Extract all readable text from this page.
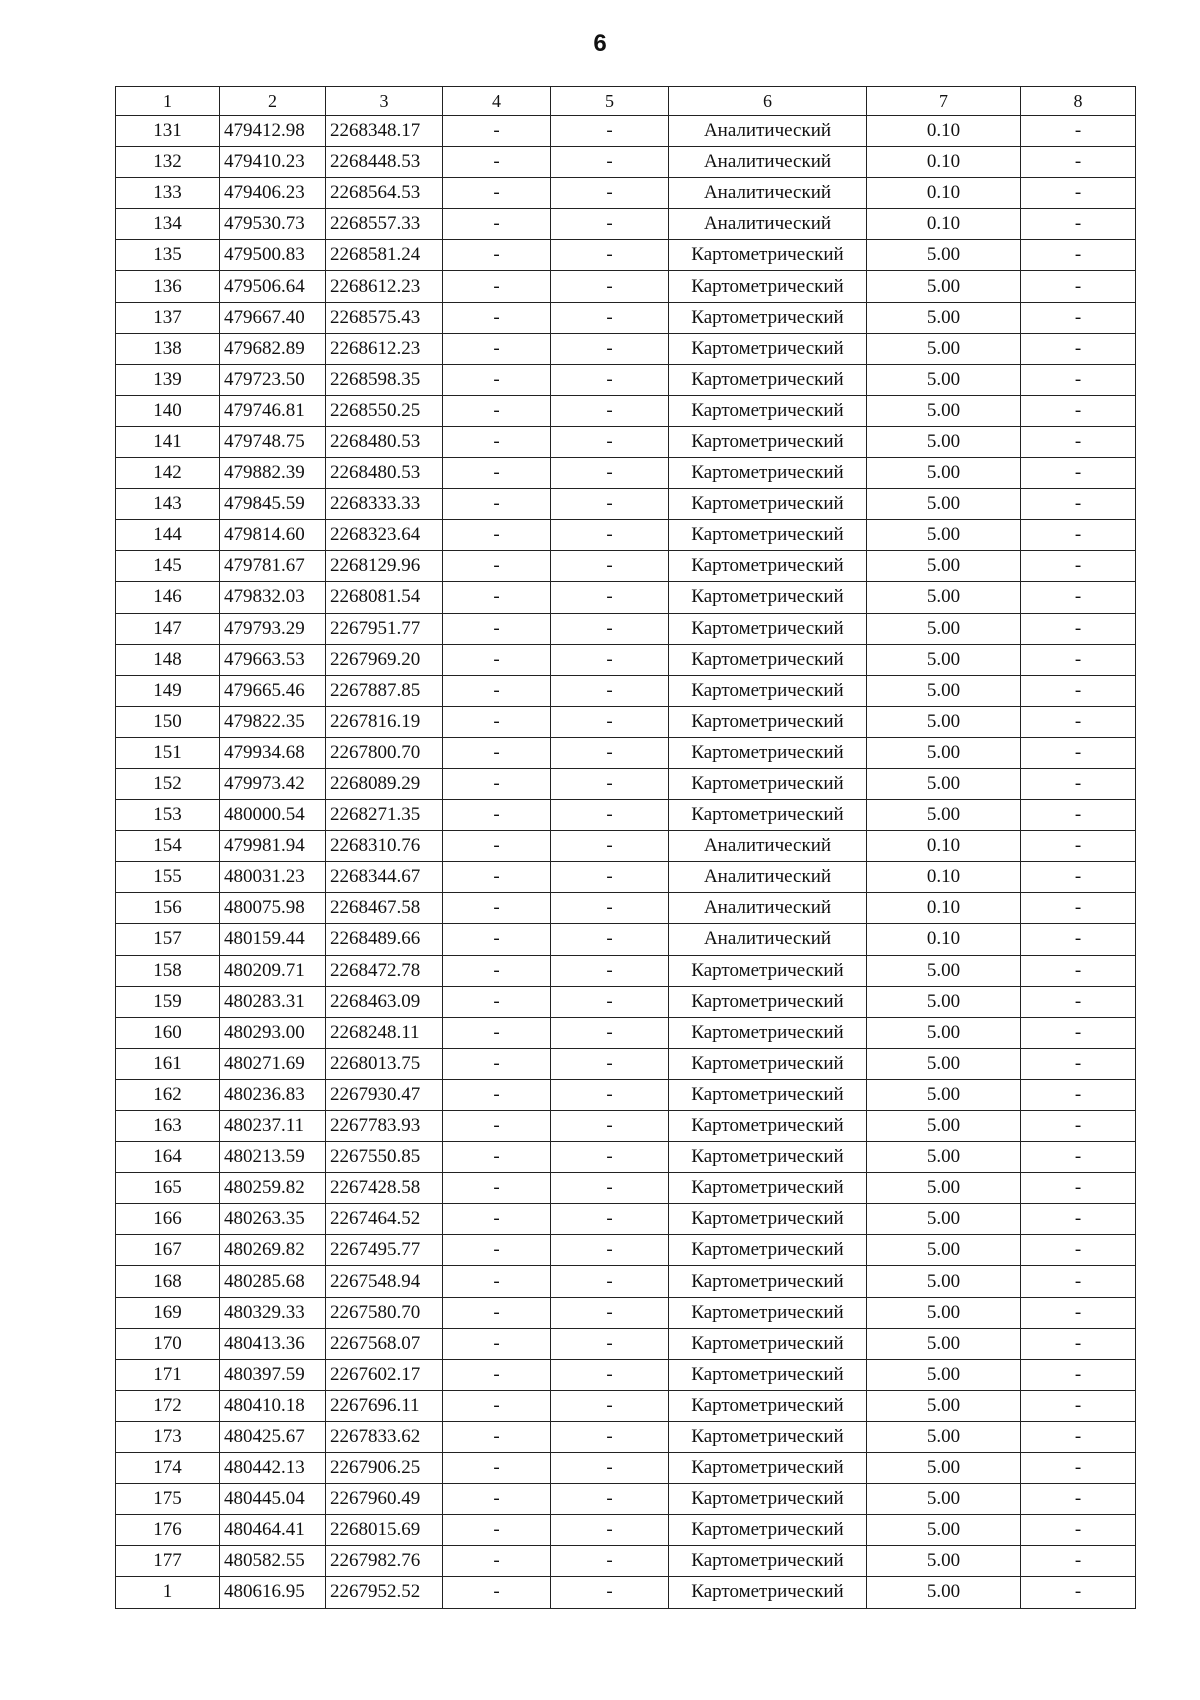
6
1	2	3	4	5	6	7	8
131	479412.98	2268348.17	-	-	Аналитический	0.10	-
132	479410.23	2268448.53	-	-	Аналитический	0.10	-
133	479406.23	2268564.53	-	-	Аналитический	0.10	-
134	479530.73	2268557.33	-	-	Аналитический	0.10	-
135	479500.83	2268581.24	-	-	Картометрический	5.00	-
136	479506.64	2268612.23	-	-	Картометрический	5.00	-
137	479667.40	2268575.43	-	-	Картометрический	5.00	-
138	479682.89	2268612.23	-	-	Картометрический	5.00	-
139	479723.50	2268598.35	-	-	Картометрический	5.00	-
140	479746.81	2268550.25	-	-	Картометрический	5.00	-
141	479748.75	2268480.53	-	-	Картометрический	5.00	-
142	479882.39	2268480.53	-	-	Картометрический	5.00	-
143	479845.59	2268333.33	-	-	Картометрический	5.00	-
144	479814.60	2268323.64	-	-	Картометрический	5.00	-
145	479781.67	2268129.96	-	-	Картометрический	5.00	-
146	479832.03	2268081.54	-	-	Картометрический	5.00	-
147	479793.29	2267951.77	-	-	Картометрический	5.00	-
148	479663.53	2267969.20	-	-	Картометрический	5.00	-
149	479665.46	2267887.85	-	-	Картометрический	5.00	-
150	479822.35	2267816.19	-	-	Картометрический	5.00	-
151	479934.68	2267800.70	-	-	Картометрический	5.00	-
152	479973.42	2268089.29	-	-	Картометрический	5.00	-
153	480000.54	2268271.35	-	-	Картометрический	5.00	-
154	479981.94	2268310.76	-	-	Аналитический	0.10	-
155	480031.23	2268344.67	-	-	Аналитический	0.10	-
156	480075.98	2268467.58	-	-	Аналитический	0.10	-
157	480159.44	2268489.66	-	-	Аналитический	0.10	-
158	480209.71	2268472.78	-	-	Картометрический	5.00	-
159	480283.31	2268463.09	-	-	Картометрический	5.00	-
160	480293.00	2268248.11	-	-	Картометрический	5.00	-
161	480271.69	2268013.75	-	-	Картометрический	5.00	-
162	480236.83	2267930.47	-	-	Картометрический	5.00	-
163	480237.11	2267783.93	-	-	Картометрический	5.00	-
164	480213.59	2267550.85	-	-	Картометрический	5.00	-
165	480259.82	2267428.58	-	-	Картометрический	5.00	-
166	480263.35	2267464.52	-	-	Картометрический	5.00	-
167	480269.82	2267495.77	-	-	Картометрический	5.00	-
168	480285.68	2267548.94	-	-	Картометрический	5.00	-
169	480329.33	2267580.70	-	-	Картометрический	5.00	-
170	480413.36	2267568.07	-	-	Картометрический	5.00	-
171	480397.59	2267602.17	-	-	Картометрический	5.00	-
172	480410.18	2267696.11	-	-	Картометрический	5.00	-
173	480425.67	2267833.62	-	-	Картометрический	5.00	-
174	480442.13	2267906.25	-	-	Картометрический	5.00	-
175	480445.04	2267960.49	-	-	Картометрический	5.00	-
176	480464.41	2268015.69	-	-	Картометрический	5.00	-
177	480582.55	2267982.76	-	-	Картометрический	5.00	-
1	480616.95	2267952.52	-	-	Картометрический	5.00	-
